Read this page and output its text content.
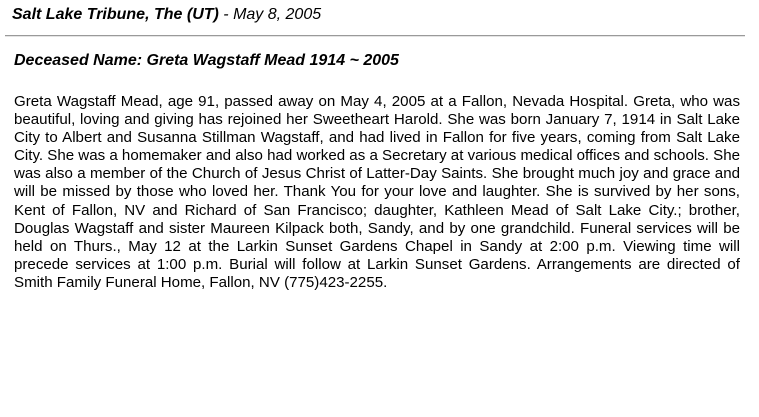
Salt Lake Tribune, The (UT) - May 8, 2005
Deceased Name: Greta Wagstaff Mead 1914 ~ 2005

Greta Wagstaff Mead, age 91, passed away on May 4, 2005 at a Fallon, Nevada Hospital. Greta, who was beautiful, loving and giving has rejoined her Sweetheart Harold. She was born January 7, 1914 in Salt Lake City to Albert and Susanna Stillman Wagstaff, and had lived in Fallon for five years, coming from Salt Lake City. She was a homemaker and also had worked as a Secretary at various medical offices and schools. She was also a member of the Church of Jesus Christ of Latter-Day Saints. She brought much joy and grace and will be missed by those who loved her. Thank You for your love and laughter. She is survived by her sons, Kent of Fallon, NV and Richard of San Francisco; daughter, Kathleen Mead of Salt Lake City.; brother, Douglas Wagstaff and sister Maureen Kilpack both, Sandy, and by one grandchild. Funeral services will be held on Thurs., May 12 at the Larkin Sunset Gardens Chapel in Sandy at 2:00 p.m. Viewing time will precede services at 1:00 p.m. Burial will follow at Larkin Sunset Gardens. Arrangements are directed of Smith Family Funeral Home, Fallon, NV (775)423-2255.
